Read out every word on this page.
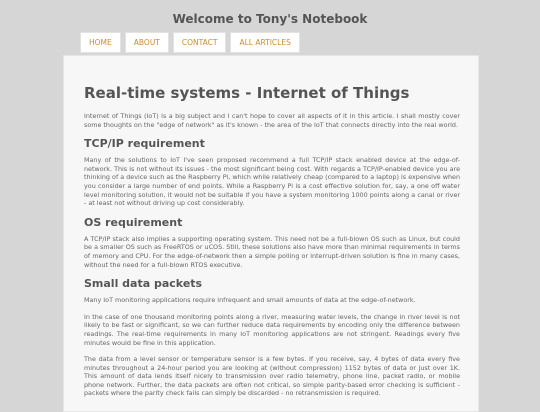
Welcome to Tony's Notebook
HOME	ABOUT	CONTACT	ALL ARTICLES
Real-time systems - Internet of Things

Internet of Things (IoT) is a big subject and I can't hope to cover all aspects of it in this article. I shall mostly cover some thoughts on the "edge of network" as it's known - the area of the IoT that connects directly into the real world.

TCP/IP requirement

Many of the solutions to IoT I've seen proposed recommend a full TCP/IP stack enabled device at the edge-of-network. This is not without its issues - the most significant being cost. With regards a TCP/IP-enabled device you are thinking of a device such as the Raspberry Pi, which while relatively cheap (compared to a laptop) is expensive when you consider a large number of end points. While a Raspberry Pi is a cost effective solution for, say, a one off water level monitoring solution, it would not be suitable if you have a system monitoring 1000 points along a canal or river - at least not without driving up cost considerably.

OS requirement

A TCP/IP stack also implies a supporting operating system. This need not be a full-blown OS such as Linux, but could be a smaller OS such as FreeRTOS or uCOS. Still, these solutions also have more than minimal requirements in terms of memory and CPU. For the edge-of-network then a simple polling or interrupt-driven solution is fine in many cases, without the need for a full-blown RTOS executive.

Small data packets

Many IoT monitoring applications require infrequent and small amounts of data at the edge-of-network.

In the case of one thousand monitoring points along a river, measuring water levels, the change in river level is not likely to be fast or significant, so we can further reduce data requirements by encoding only the difference between readings. The real-time requirements in many IoT monitoring applications are not stringent. Readings every five minutes would be fine in this application.

The data from a level sensor or temperature sensor is a few bytes. If you receive, say, 4 bytes of data every five minutes throughout a 24-hour period you are looking at (without compression) 1152 bytes of data or just over 1K. This amount of data lends itself nicely to transmission over radio telemetry, phone line, packet radio, or mobile phone network. Further, the data packets are often not critical, so simple parity-based error checking is sufficient - packets where the parity check fails can simply be discarded - no retransmission is required.
